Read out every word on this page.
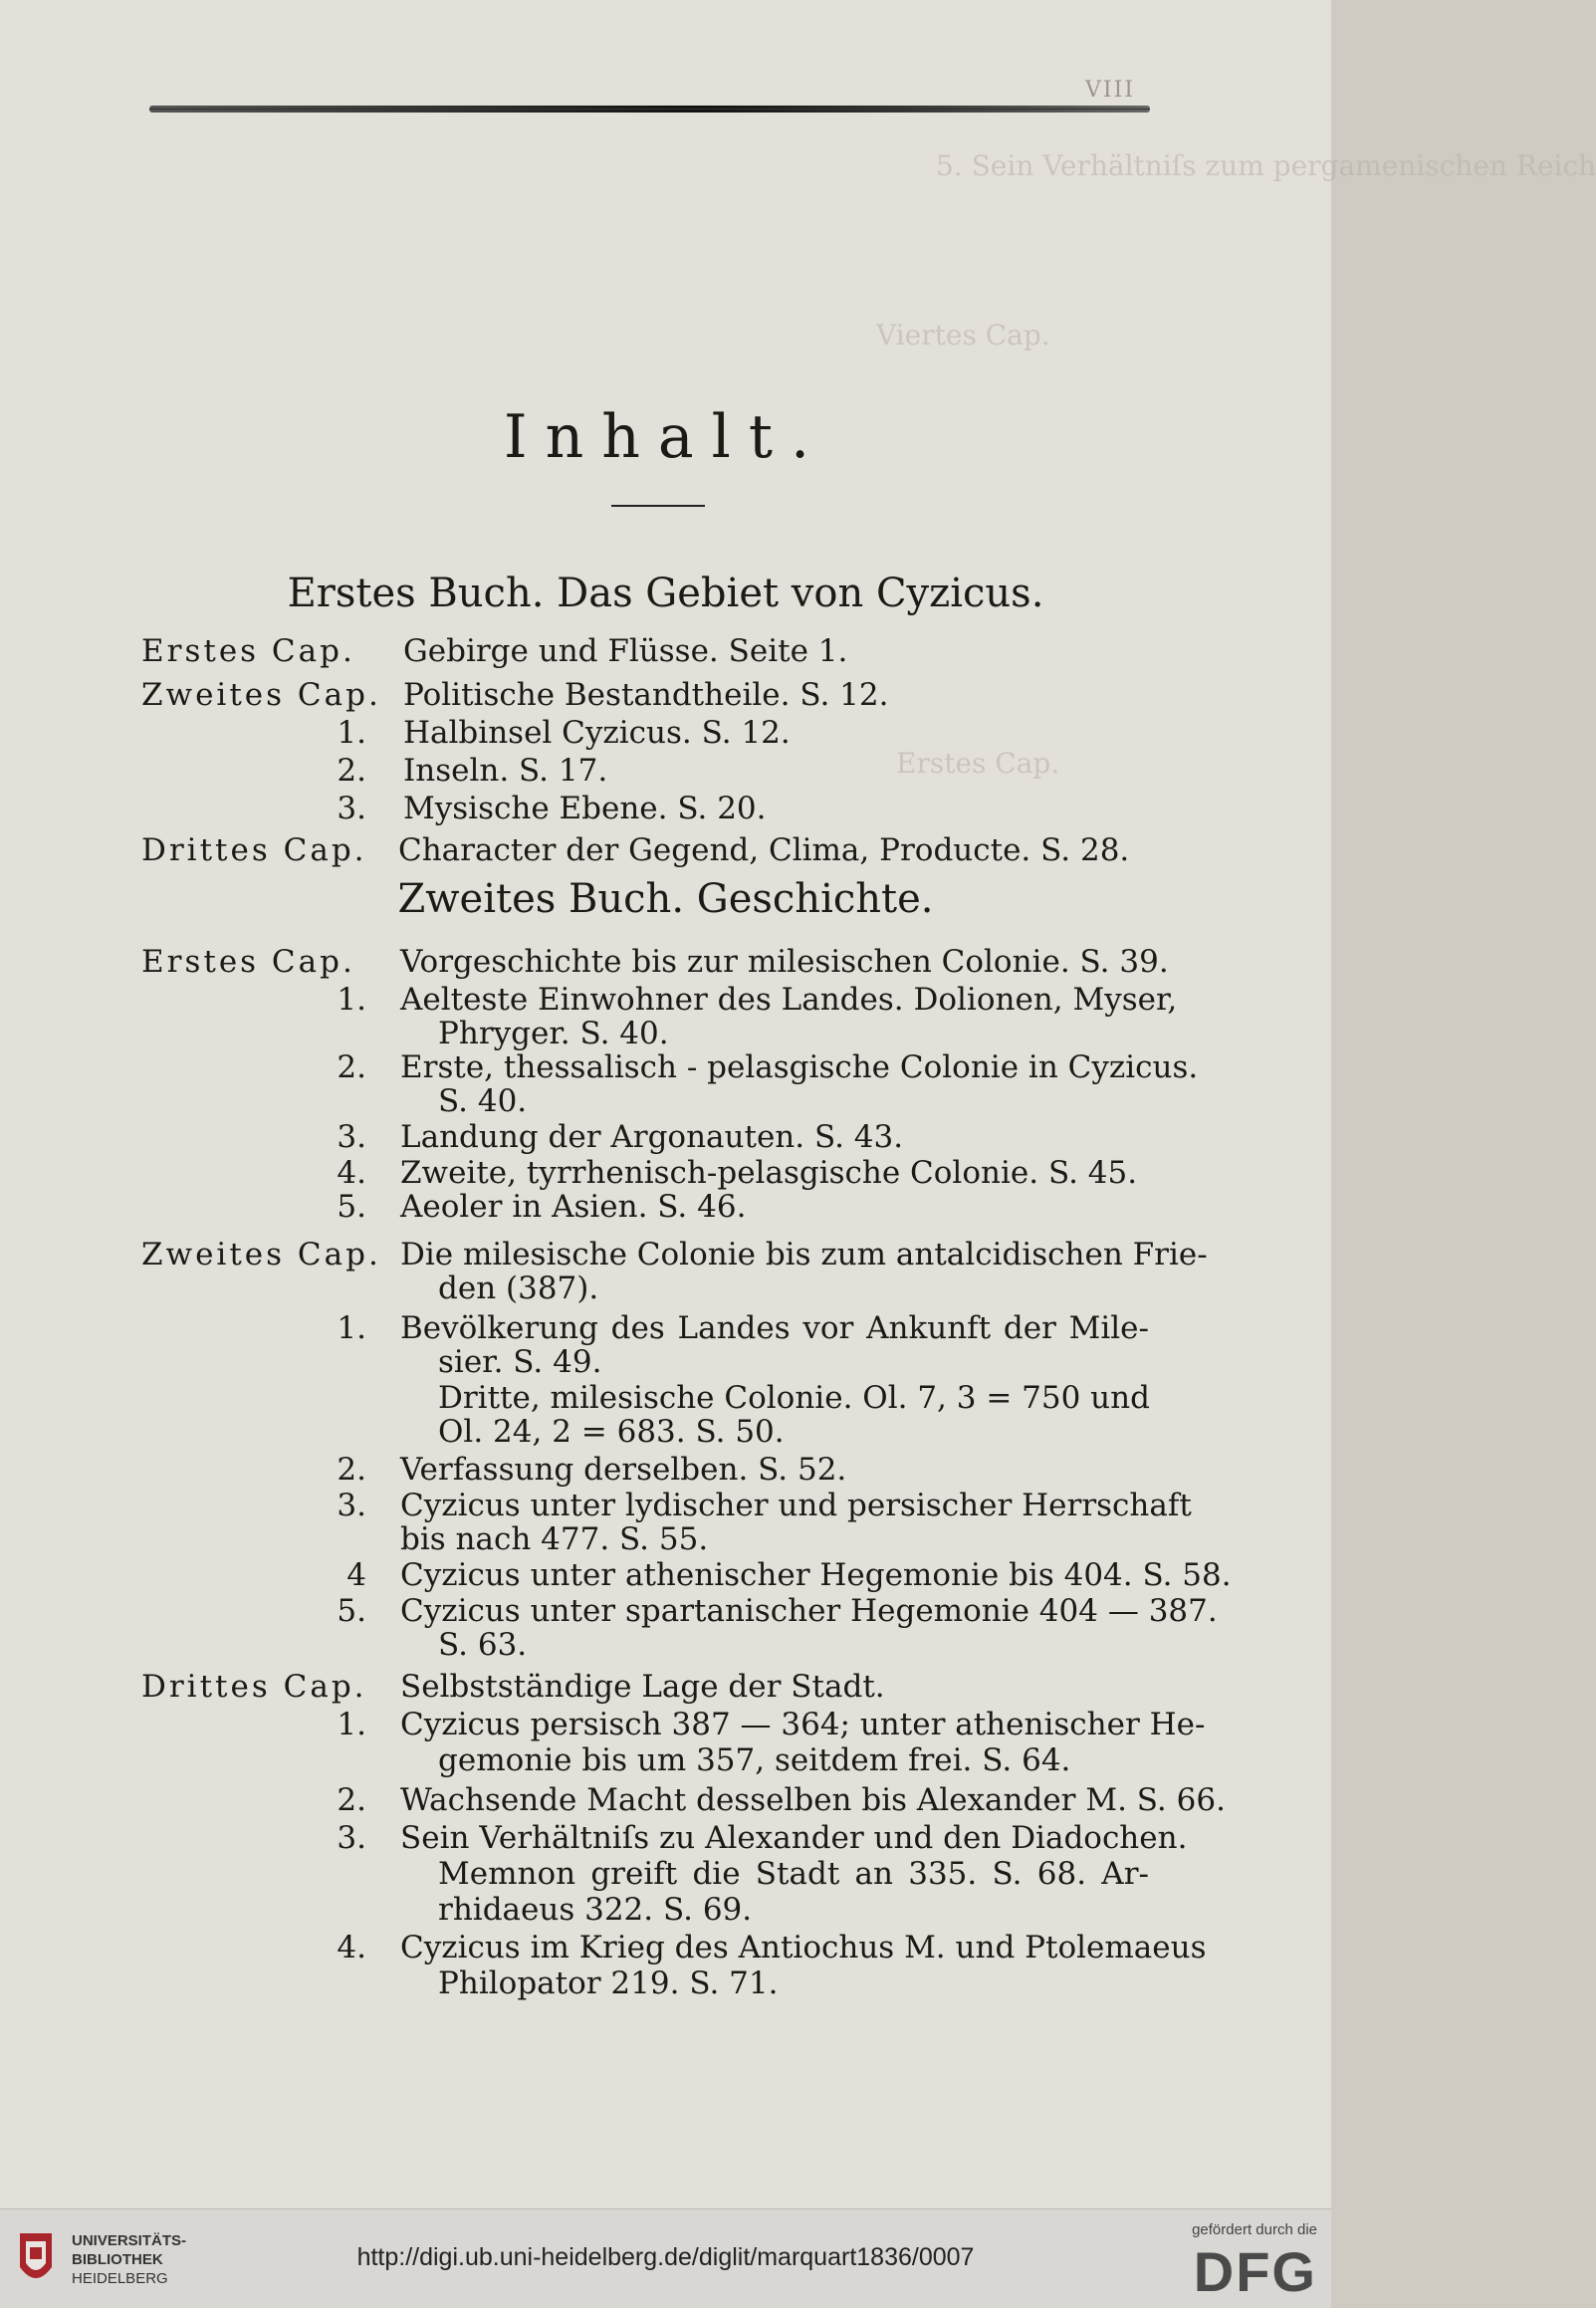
5. Sein Verhältniſs zum pergamenischen Reich
Viertes Cap.
Erstes Cap.
VIII
Inhalt.
Erstes Buch. Das Gebiet von Cyzicus.
Erstes Cap. Gebirge und Flüsse. Seite 1.
Zweites Cap. Politische Bestandtheile. S. 12.
1. Halbinsel Cyzicus. S. 12.
2. Inseln. S. 17.
3. Mysische Ebene. S. 20.
Drittes Cap. Character der Gegend, Clima, Producte. S. 28.
Zweites Buch. Geschichte.
Erstes Cap. Vorgeschichte bis zur milesischen Colonie. S. 39.
1. Aelteste Einwohner des Landes. Dolionen, Myser,
Phryger. S. 40.
2. Erste, thessalisch - pelasgische Colonie in Cyzicus.
S. 40.
3. Landung der Argonauten. S. 43.
4. Zweite, tyrrhenisch-pelasgische Colonie. S. 45.
5. Aeoler in Asien. S. 46.
Zweites Cap. Die milesische Colonie bis zum antalcidischen Frie-
den (387).
1. Bevölkerung des Landes vor Ankunft der Mile-
sier. S. 49.
Dritte, milesische Colonie. Ol. 7, 3 = 750 und
Ol. 24, 2 = 683. S. 50.
2. Verfassung derselben. S. 52.
3. Cyzicus unter lydischer und persischer Herrschaft
bis nach 477. S. 55.
4 Cyzicus unter athenischer Hegemonie bis 404. S. 58.
5. Cyzicus unter spartanischer Hegemonie 404 — 387.
S. 63.
Drittes Cap. Selbstständige Lage der Stadt.
1. Cyzicus persisch 387 — 364; unter athenischer He-
gemonie bis um 357, seitdem frei. S. 64.
2. Wachsende Macht desselben bis Alexander M. S. 66.
3. Sein Verhältniſs zu Alexander und den Diadochen.
Memnon greift die Stadt an 335. S. 68. Ar-
rhidaeus 322. S. 69.
4. Cyzicus im Krieg des Antiochus M. und Ptolemaeus
Philopator 219. S. 71.
UNIVERSITÄTS-
BIBLIOTHEK
HEIDELBERG
http://digi.ub.uni-heidelberg.de/diglit/marquart1836/0007
gefördert durch die
DFG
